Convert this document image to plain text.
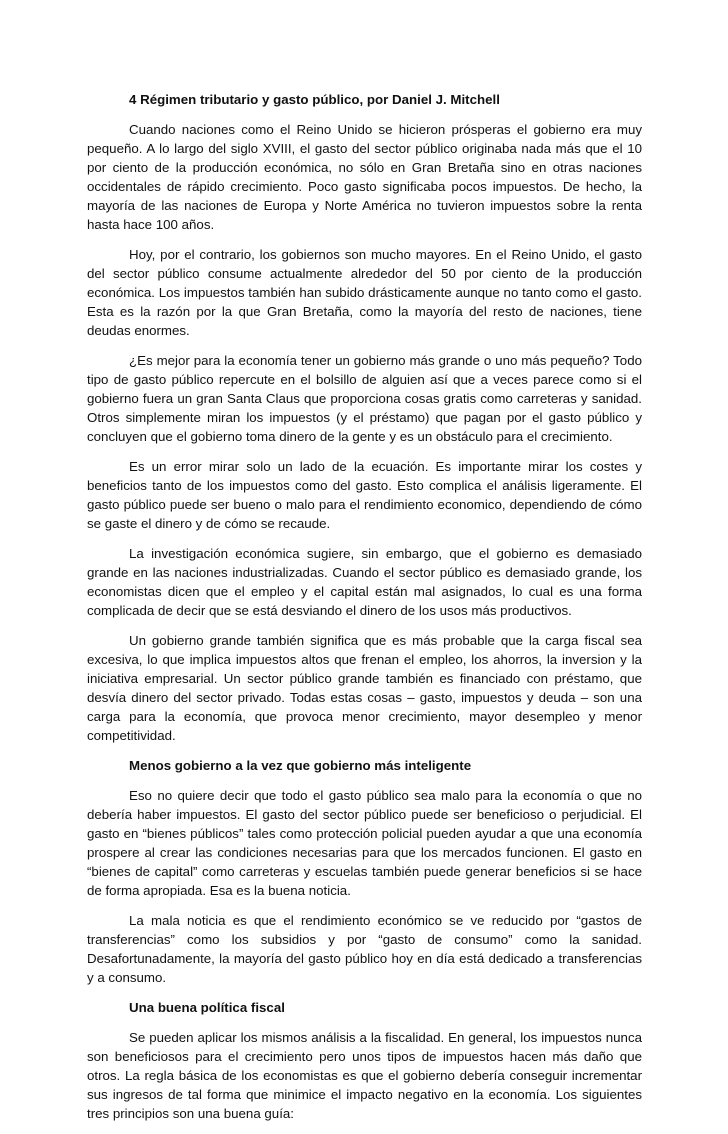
4 Régimen tributario y gasto público, por Daniel J. Mitchell

Cuando naciones como el Reino Unido se hicieron prósperas el gobierno era muy pequeño. A lo largo del siglo XVIII, el gasto del sector público originaba nada más que el 10 por ciento de la producción económica, no sólo en Gran Bretaña sino en otras naciones occidentales de rápido crecimiento. Poco gasto significaba pocos impuestos. De hecho, la mayoría de las naciones de Europa y Norte América no tuvieron impuestos sobre la renta hasta hace 100 años.

Hoy, por el contrario, los gobiernos son mucho mayores. En el Reino Unido, el gasto del sector público consume actualmente alrededor del 50 por ciento de la producción económica. Los impuestos también han subido drásticamente aunque no tanto como el gasto. Esta es la razón por la que Gran Bretaña, como la mayoría del resto de naciones, tiene deudas enormes.

¿Es mejor para la economía tener un gobierno más grande o uno más pequeño? Todo tipo de gasto público repercute en el bolsillo de alguien así que a veces parece como si el gobierno fuera un gran Santa Claus que proporciona cosas gratis como carreteras y sanidad. Otros simplemente miran los impuestos (y el préstamo) que pagan por el gasto público y concluyen que el gobierno toma dinero de la gente y es un obstáculo para el crecimiento.

Es un error mirar solo un lado de la ecuación. Es importante mirar los costes y beneficios tanto de los impuestos como del gasto. Esto complica el análisis ligeramente. El gasto público puede ser bueno o malo para el rendimiento economico, dependiendo de cómo se gaste el dinero y de cómo se recaude.

La investigación económica sugiere, sin embargo, que el gobierno es demasiado grande en las naciones industrializadas. Cuando el sector público es demasiado grande, los economistas dicen que el empleo y el capital están mal asignados, lo cual es una forma complicada de decir que se está desviando el dinero de los usos más productivos.

Un gobierno grande también significa que es más probable que la carga fiscal sea excesiva, lo que implica impuestos altos que frenan el empleo, los ahorros, la inversion y la iniciativa empresarial. Un sector público grande también es financiado con préstamo, que desvía dinero del sector privado. Todas estas cosas – gasto, impuestos y deuda – son una carga para la economía, que provoca menor crecimiento, mayor desempleo y menor competitividad.

Menos gobierno a la vez que gobierno más inteligente

Eso no quiere decir que todo el gasto público sea malo para la economía o que no debería haber impuestos. El gasto del sector público puede ser beneficioso o perjudicial. El gasto en “bienes públicos” tales como protección policial pueden ayudar a que una economía prospere al crear las condiciones necesarias para que los mercados funcionen. El gasto en “bienes de capital” como carreteras y escuelas también puede generar beneficios si se hace de forma apropiada. Esa es la buena noticia.

La mala noticia es que el rendimiento económico se ve reducido por “gastos de transferencias” como los subsidios y por “gasto de consumo” como la sanidad. Desafortunadamente, la mayoría del gasto público hoy en día está dedicado a transferencias y a consumo.

Una buena política fiscal

Se pueden aplicar los mismos análisis a la fiscalidad. En general, los impuestos nunca son beneficiosos para el crecimiento pero unos tipos de impuestos hacen más daño que otros. La regla básica de los economistas es que el gobierno debería conseguir incrementar sus ingresos de tal forma que minimice el impacto negativo en la economía. Los siguientes tres principios son una buena guía:
